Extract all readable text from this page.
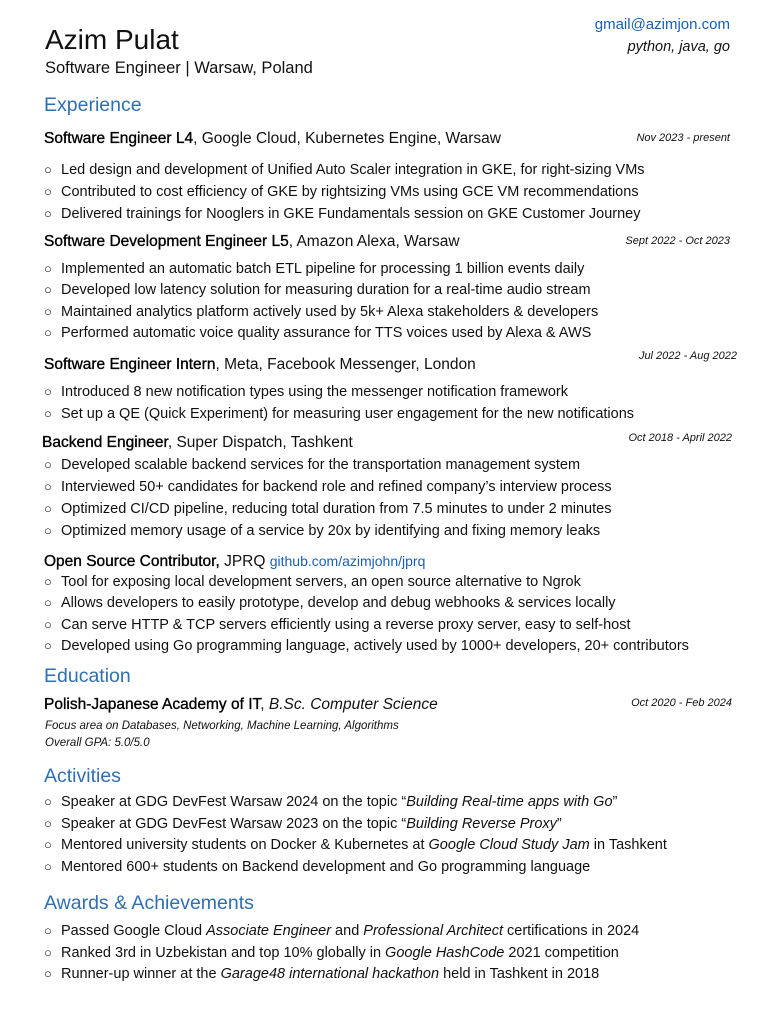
Azim Pulat
Software Engineer | Warsaw, Poland
gmail@azimjon.com
python, java, go
Experience
Software Engineer L4, Google Cloud, Kubernetes Engine, Warsaw	Nov 2023 - present
○ Led design and development of Unified Auto Scaler integration in GKE, for right-sizing VMs
○ Contributed to cost efficiency of GKE by rightsizing VMs using GCE VM recommendations
○ Delivered trainings for Nooglers in GKE Fundamentals session on GKE Customer Journey
Software Development Engineer L5, Amazon Alexa, Warsaw	Sept 2022 - Oct 2023
○ Implemented an automatic batch ETL pipeline for processing 1 billion events daily
○ Developed low latency solution for measuring duration for a real-time audio stream
○ Maintained analytics platform actively used by 5k+ Alexa stakeholders & developers
○ Performed automatic voice quality assurance for TTS voices used by Alexa & AWS
Software Engineer Intern, Meta, Facebook Messenger, London	Jul 2022 - Aug 2022
○ Introduced 8 new notification types using the messenger notification framework
○ Set up a QE (Quick Experiment) for measuring user engagement for the new notifications
Backend Engineer, Super Dispatch, Tashkent	Oct 2018 - April 2022
○ Developed scalable backend services for the transportation management system
○ Interviewed 50+ candidates for backend role and refined company’s interview process
○ Optimized CI/CD pipeline, reducing total duration from 7.5 minutes to under 2 minutes
○ Optimized memory usage of a service by 20x by identifying and fixing memory leaks
Open Source Contributor, JPRQ github.com/azimjohn/jprq
○ Tool for exposing local development servers, an open source alternative to Ngrok
○ Allows developers to easily prototype, develop and debug webhooks & services locally
○ Can serve HTTP & TCP servers efficiently using a reverse proxy server, easy to self-host
○ Developed using Go programming language, actively used by 1000+ developers, 20+ contributors
Education
Polish-Japanese Academy of IT, B.Sc. Computer Science	Oct 2020 - Feb 2024
Focus area on Databases, Networking, Machine Learning, Algorithms
Overall GPA: 5.0/5.0
Activities
○ Speaker at GDG DevFest Warsaw 2024 on the topic “Building Real-time apps with Go”
○ Speaker at GDG DevFest Warsaw 2023 on the topic “Building Reverse Proxy”
○ Mentored university students on Docker & Kubernetes at Google Cloud Study Jam in Tashkent
○ Mentored 600+ students on Backend development and Go programming language
Awards & Achievements
○ Passed Google Cloud Associate Engineer and Professional Architect certifications in 2024
○ Ranked 3rd in Uzbekistan and top 10% globally in Google HashCode 2021 competition
○ Runner-up winner at the Garage48 international hackathon held in Tashkent in 2018
